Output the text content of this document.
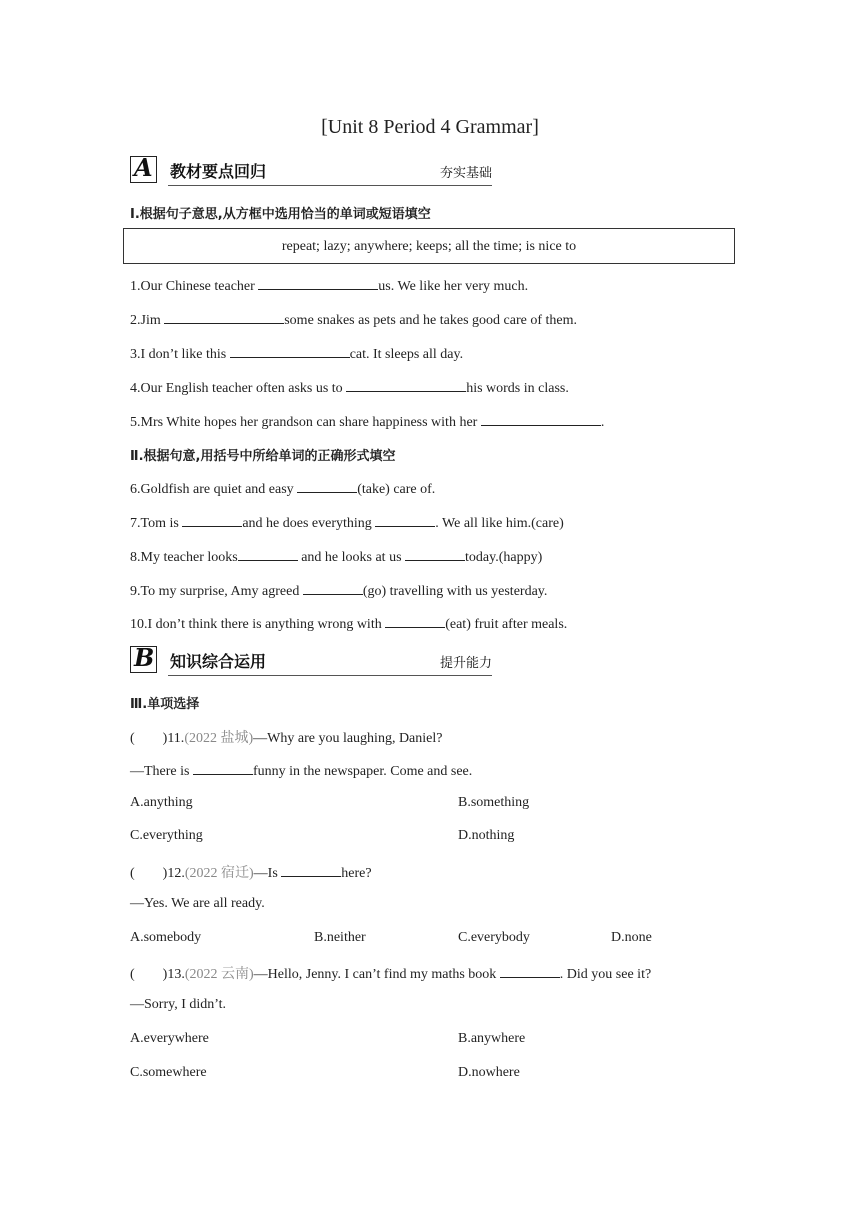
[Unit 8 Period 4 Grammar]
A 教材要点回归	夯实基础
Ⅰ.根据句子意思,从方框中选用恰当的单词或短语填空
repeat; lazy; anywhere; keeps; all the time; is nice to
1.Our Chinese teacher	us. We like her very much.
2.Jim	some snakes as pets and he takes good care of them.
3.I don’t like this	cat. It sleeps all day.
4.Our English teacher often asks us to	his words in class.
5.Mrs White hopes her grandson can share happiness with her	.
Ⅱ.根据句意,用括号中所给单词的正确形式填空
6.Goldfish are quiet and easy	(take) care of.
7.Tom is	and he does everything	. We all like him.(care)
8.My teacher looks	and he looks at us	today.(happy)
9.To my surprise, Amy agreed	(go) travelling with us yesterday.
10.I don’t think there is anything wrong with	(eat) fruit after meals.
B 知识综合运用	提升能力
Ⅲ.单项选择
(　　)11.(2022 盐城)—Why are you laughing, Daniel?
—There is	funny in the newspaper. Come and see.
A.anything	B.something
C.everything	D.nothing
(　　)12.(2022 宿迁)—Is	here?
—Yes. We are all ready.
A.somebody	B.neither	C.everybody	D.none
(　　)13.(2022 云南)—Hello, Jenny. I can’t find my maths book	. Did you see it?
—Sorry, I didn’t.
A.everywhere	B.anywhere
C.somewhere	D.nowhere
